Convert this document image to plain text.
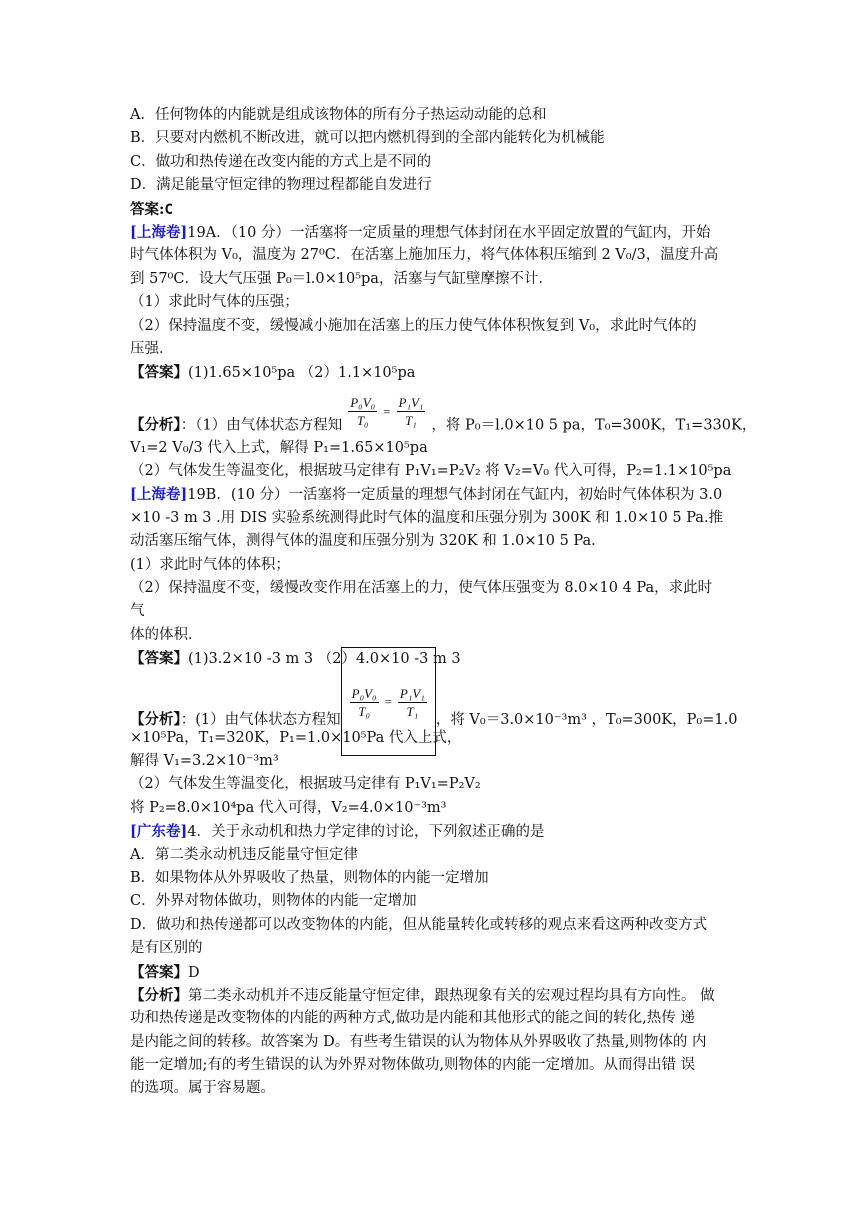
A．任何物体的内能就是组成该物体的所有分子热运动动能的总和
B．只要对内燃机不断改进，就可以把内燃机得到的全部内能转化为机械能
C．做功和热传递在改变内能的方式上是不同的
D．满足能量守恒定律的物理过程都能自发进行
答案:C
[上海卷]19A．（10 分）一活塞将一定质量的理想气体封闭在水平固定放置的气缸内，开始
时气体体积为 V₀，温度为 27⁰C．在活塞上施加压力，将气体体积压缩到 2 V₀/3，温度升高
到 57⁰C．设大气压强 P₀＝l.0×10⁵pa，活塞与气缸壁摩擦不计．
（1）求此时气体的压强；
（2）保持温度不变，缓慢减小施加在活塞上的压力使气体体积恢复到 V₀，求此时气体的
压强．
【答案】(1)1.65×10⁵pa （2）1.1×10⁵pa
【分析】：（1）由气体状态方程知 $\frac{\text{P₀V₀}}{\text{T₀}} = \frac{\text{P₁V₁}}{\text{T₁}}$ ，将 P₀＝l.0×10 5 pa，T₀=300K，T₁=330K，
V₁=2 V₀/3 代入上式，解得 P₁=1.65×10⁵pa
（2）气体发生等温变化，根据玻马定律有 P₁V₁=P₂V₂ 将 V₂=V₀ 代入可得，P₂=1.1×10⁵pa
[上海卷]19B．(10 分）一活塞将一定质量的理想气体封闭在气缸内，初始时气体体积为 3.0
×10 -3 m 3 .用 DIS 实验系统测得此时气体的温度和压强分别为 300K 和 1.0×10 5 Pa.推
动活塞压缩气体，测得气体的温度和压强分别为 320K 和 1.0×10 5 Pa．
(1）求此时气体的体积；
（2）保持温度不变，缓慢改变作用在活塞上的力，使气体压强变为 8.0×10 4 Pa，求此时
气
体的体积．
【答案】(1)3.2×10 -3 m 3 （2）4.0×10 -3 m 3
【分析】：(1）由气体状态方程知 $\frac{\text{P₀V₀}}{\text{T₀}} = \frac{\text{P₁V₁}}{\text{T₁}}$ ，将 V₀＝3.0×10⁻³m³ ，T₀=300K，P₀=1.0
×10⁵Pa，T₁=320K，P₁=1.0×10⁵Pa 代入上式，
解得 V₁=3.2×10⁻³m³
（2）气体发生等温变化，根据玻马定律有 P₁V₁=P₂V₂
将 P₂=8.0×10⁴pa 代入可得，V₂=4.0×10⁻³m³
[广东卷]4．关于永动机和热力学定律的讨论，下列叙述正确的是
A．第二类永动机违反能量守恒定律
B．如果物体从外界吸收了热量，则物体的内能一定增加
C．外界对物体做功，则物体的内能一定增加
D．做功和热传递都可以改变物体的内能，但从能量转化或转移的观点来看这两种改变方式
是有区别的
【答案】D
【分析】第二类永动机并不违反能量守恒定律，跟热现象有关的宏观过程均具有方向性。 做
功和热传递是改变物体的内能的两种方式,做功是内能和其他形式的能之间的转化,热传 递
是内能之间的转移。故答案为 D。有些考生错误的认为物体从外界吸收了热量,则物体的 内
能一定增加;有的考生错误的认为外界对物体做功,则物体的内能一定增加。从而得出错 误
的选项。属于容易题。
